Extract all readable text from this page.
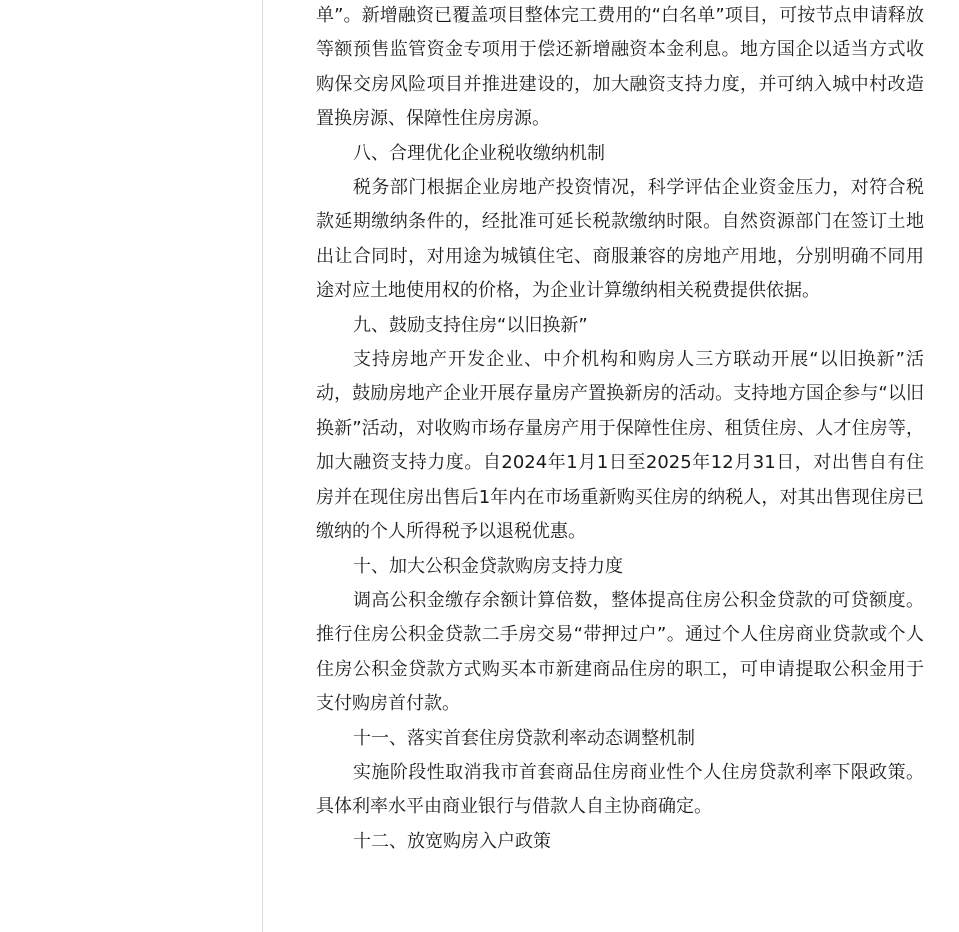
单”。新增融资已覆盖项目整体完工费用的“白名单”项目，可按节点申请释放等额预售监管资金专项用于偿还新增融资本金利息。地方国企以适当方式收购保交房风险项目并推进建设的，加大融资支持力度，并可纳入城中村改造置换房源、保障性住房房源。

八、合理优化企业税收缴纳机制

税务部门根据企业房地产投资情况，科学评估企业资金压力，对符合税款延期缴纳条件的，经批准可延长税款缴纳时限。自然资源部门在签订土地出让合同时，对用途为城镇住宅、商服兼容的房地产用地，分别明确不同用途对应土地使用权的价格，为企业计算缴纳相关税费提供依据。

九、鼓励支持住房“以旧换新”

支持房地产开发企业、中介机构和购房人三方联动开展“以旧换新”活动，鼓励房地产企业开展存量房产置换新房的活动。支持地方国企参与“以旧换新”活动，对收购市场存量房产用于保障性住房、租赁住房、人才住房等，加大融资支持力度。自2024年1月1日至2025年12月31日，对出售自有住房并在现住房出售后1年内在市场重新购买住房的纳税人，对其出售现住房已缴纳的个人所得税予以退税优惠。

十、加大公积金贷款购房支持力度

调高公积金缴存余额计算倍数，整体提高住房公积金贷款的可贷额度。推行住房公积金贷款二手房交易“带押过户”。通过个人住房商业贷款或个人住房公积金贷款方式购买本市新建商品住房的职工，可申请提取公积金用于支付购房首付款。

十一、落实首套住房贷款利率动态调整机制

实施阶段性取消我市首套商品住房商业性个人住房贷款利率下限政策。具体利率水平由商业银行与借款人自主协商确定。

十二、放宽购房入户政策
